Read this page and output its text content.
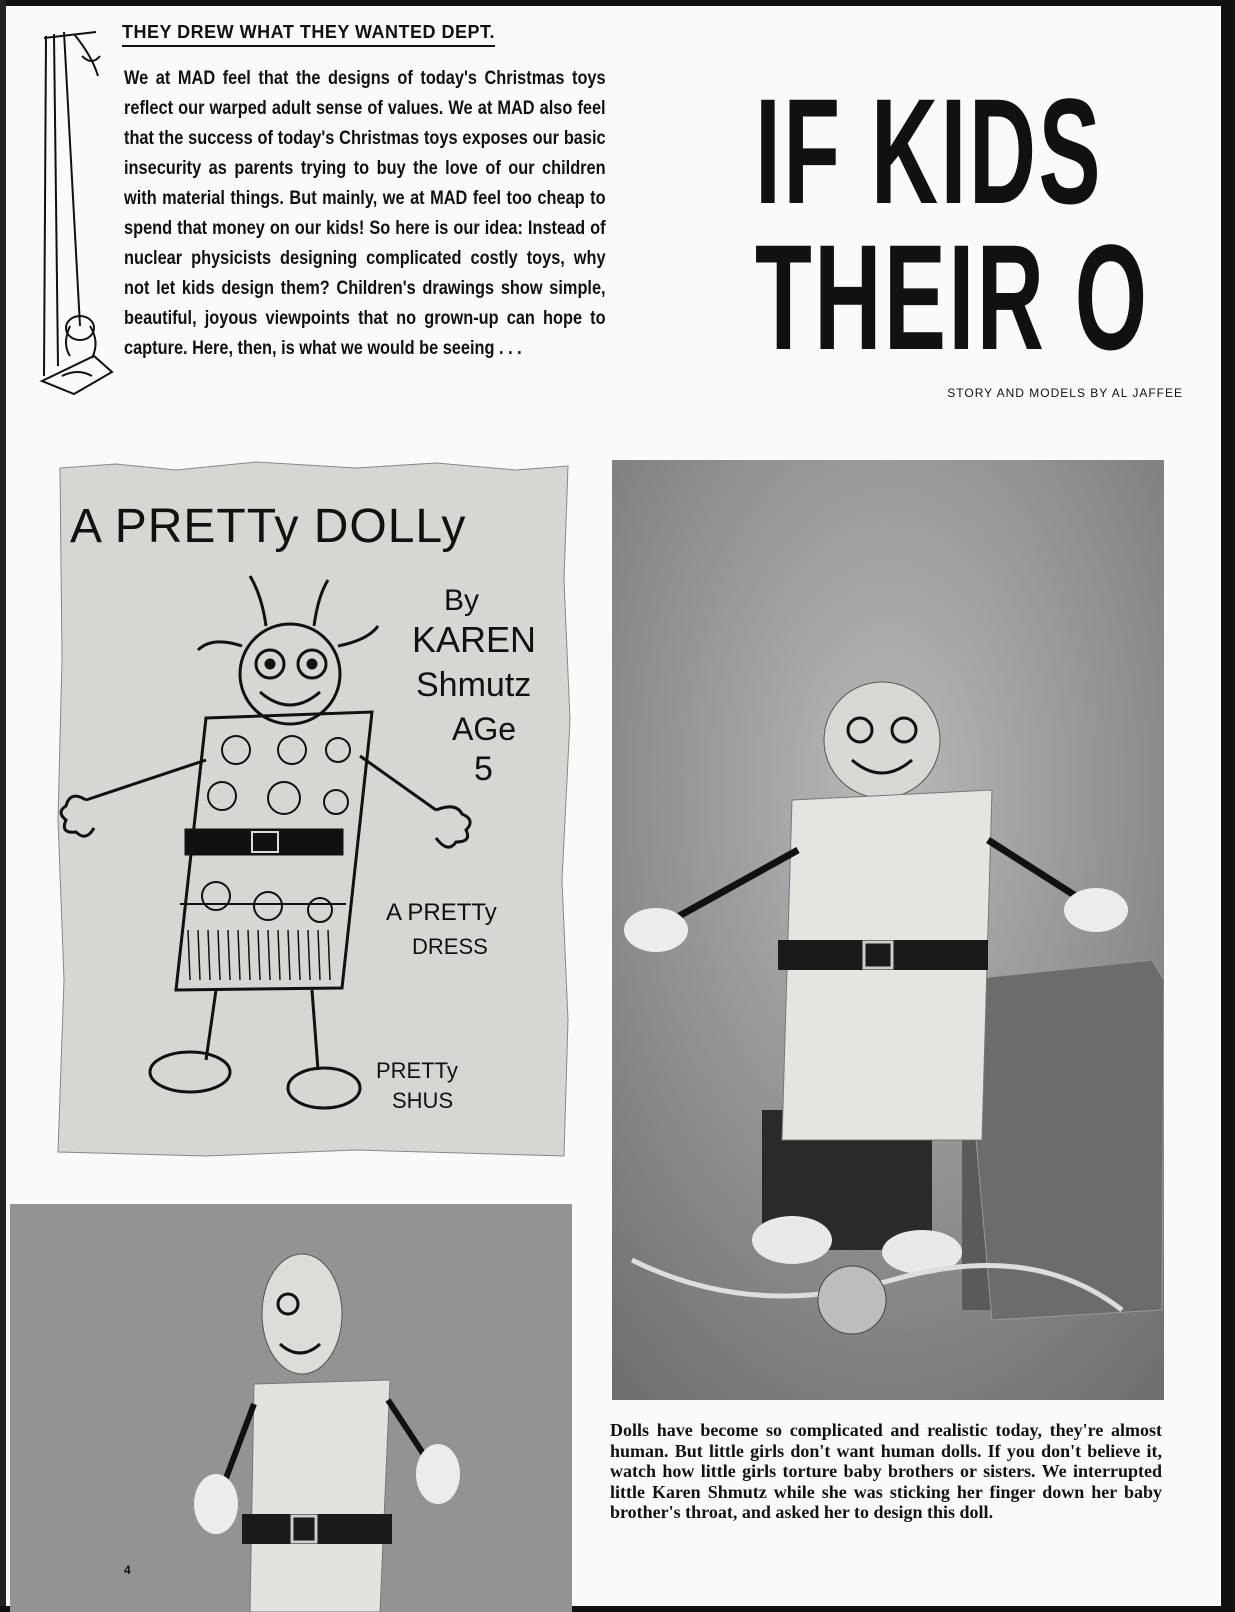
THEY DREW WHAT THEY WANTED DEPT.

We at MAD feel that the designs of today's Christmas toys reflect our warped adult sense of values. We at MAD also feel that the success of today's Christmas toys exposes our basic insecurity as parents trying to buy the love of our children with material things. But mainly, we at MAD feel too cheap to spend that money on our kids! So here is our idea: Instead of nuclear physicists designing complicated costly toys, why not let kids design them? Children's drawings show simple, beautiful, joyous viewpoints that no grown-up can hope to capture. Here, then, is what we would be seeing . . .

IF KIDS
THEIR O
STORY AND MODELS BY AL JAFFEE
A PRETTy DOLLy
By
KAREN
Shmutz
AGe
5
A PRETTy
DRESS
PRETTy
SHUS

Dolls have become so complicated and realistic today, they're almost human. But little girls don't want human dolls. If you don't believe it, watch how little girls torture baby brothers or sisters. We interrupted little Karen Shmutz while she was sticking her finger down her baby brother's throat, and asked her to design this doll.

4
